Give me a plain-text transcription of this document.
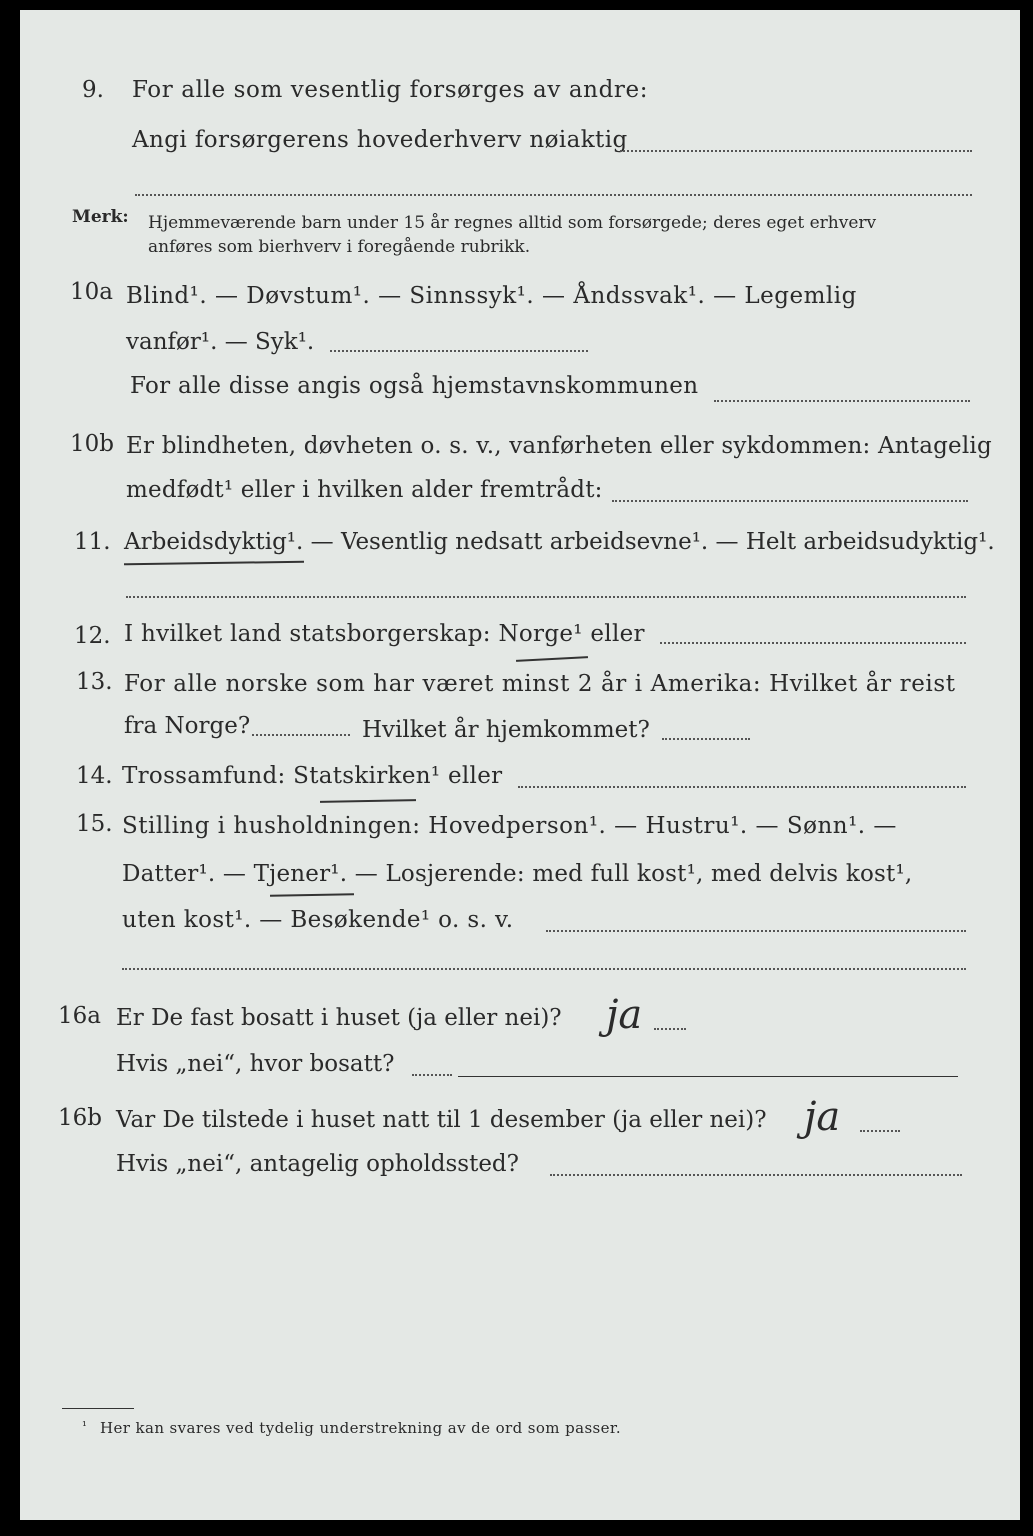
9. For alle som vesentlig forsørges av andre:
Angi forsørgerens hovederhverv nøiaktig
Merk: Hjemmeværende barn under 15 år regnes alltid som forsørgede; deres eget erhverv
anføres som bierhverv i foregående rubrikk.
10a Blind¹. — Døvstum¹. — Sinnssyk¹. — Åndssvak¹. — Legemlig
vanfør¹. — Syk¹.
For alle disse angis også hjemstavnskommunen
10b Er blindheten, døvheten o. s. v., vanførheten eller sykdommen: Antagelig
medfødt¹ eller i hvilken alder fremtrådt:
11. Arbeidsdyktig¹. — Vesentlig nedsatt arbeidsevne¹. — Helt arbeidsudyktig¹.
12. I hvilket land statsborgerskap: Norge¹ eller
13. For alle norske som har været minst 2 år i Amerika: Hvilket år reist
fra Norge?	Hvilket år hjemkommet?
14. Trossamfund: Statskirken¹ eller
15. Stilling i husholdningen: Hovedperson¹. — Hustru¹. — Sønn¹. —
Datter¹. — Tjener¹. — Losjerende: med full kost¹, med delvis kost¹,
uten kost¹. — Besøkende¹ o. s. v.
16a Er De fast bosatt i huset (ja eller nei)? ja
Hvis „nei“, hvor bosatt?
16b Var De tilstede i huset natt til 1 desember (ja eller nei)? ja
Hvis „nei“, antagelig opholdssted?
¹ Her kan svares ved tydelig understrekning av de ord som passer.
